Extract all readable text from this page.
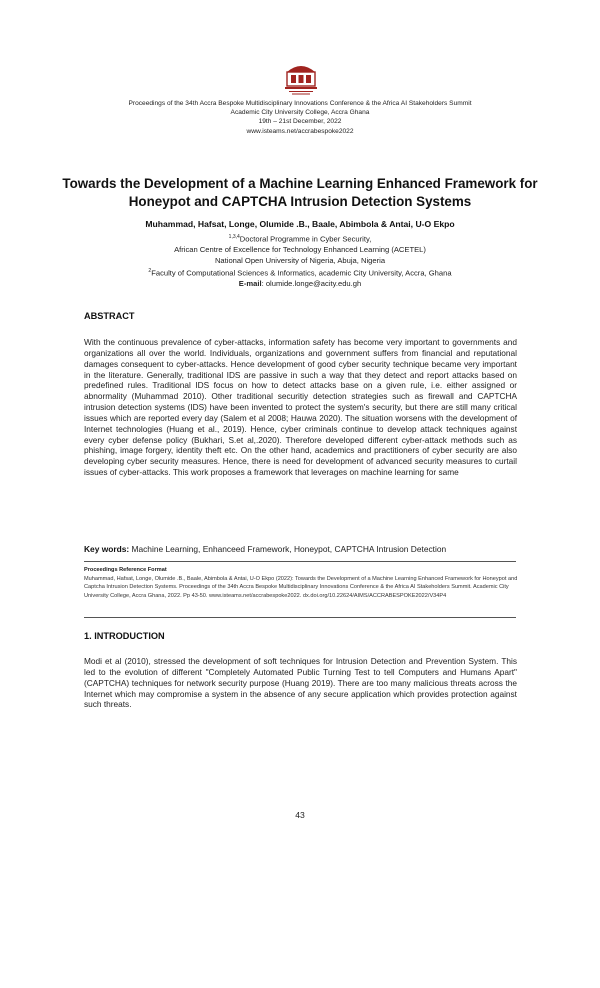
Proceedings of the 34th Accra Bespoke Multidisciplinary Innovations Conference & the Africa AI Stakeholders Summit
Academic City University College, Accra Ghana
19th – 21st December, 2022
www.isteams.net/accrabespoke2022
Towards the Development of a Machine Learning Enhanced Framework for Honeypot and CAPTCHA Intrusion Detection Systems
Muhammad, Hafsat, Longe, Olumide .B., Baale, Abimbola & Antai, U-O Ekpo
$^{1,3,4}$Doctoral Programme in Cyber Security,
African Centre of Excellence for Technology Enhanced Learning (ACETEL)
National Open University of Nigeria, Abuja, Nigeria
$^2$Faculty of Computational Sciences & Informatics, academic City University, Accra, Ghana
E-mail: olumide.longe@acity.edu.gh
ABSTRACT
With the continuous prevalence of cyber-attacks, information safety has become very important to governments and organizations all over the world. Individuals, organizations and government suffers from financial and reputational damages consequent to cyber-attacks. Hence development of good cyber security technique became very important in the literature. Generally, traditional IDS are passive in such a way that they detect and report attacks based on predefined rules. Traditional IDS focus on how to detect attacks base on a given rule, i.e. either assigned or abnormality (Muhammad 2010). Other traditional securitiy detection strategies such as firewall and CAPTCHA intrusion detection systems (IDS) have been invented to protect the system's security, but there are still many critical issues which are reported every day (Salem et al 2008; Hauwa 2020). The situation worsens with the development of Internet technologies (Huang et al., 2019). Hence, cyber criminals continue to develop attack techniques against every cyber defense policy (Bukhari, S.et al,.2020). Therefore developed different cyber-attack methods such as phishing, image forgery, identity theft etc. On the other hand, academics and practitioners of cyber security are also developing cyber security measures. Hence, there is need for development of advanced security measures to curtail issues of cyber-attacks. This work proposes a framework that leverages on machine learning for same
Key words: Machine Learning, Enhanceed Framework, Honeypot, CAPTCHA Intrusion Detection
Proceedings Reference Format
Muhammad, Hafsat, Longe, Olumide .B., Baale, Abimbola & Antai, U-O Ekpo (2022): Towards the Development of a Machine Learning Enhanced Framework for Honeypot and Captcha Intrusion Detection Systems. Proceedings of the 34th Accra Bespoke Multidisciplinary Innovations Conference & the Africa AI Stakeholders Summit. Academic City University College, Accra Ghana, 2022. Pp 43-50. www.isteams.net/accrabespoke2022. dx.doi.org/10.22624/AIMS/ACCRABESPOKE2022/V34P4
1. INTRODUCTION
Modi et al (2010), stressed the development of soft techniques for Intrusion Detection and Prevention System. This led to the evolution of different "Completely Automated Public Turning Test to tell Computers and Humans Apart" (CAPTCHA) techniques for network security purpose (Huang 2019). There are too many malicious threats across the Internet which may compromise a system in the absence of any secure application which provides protection against such threats.
43
